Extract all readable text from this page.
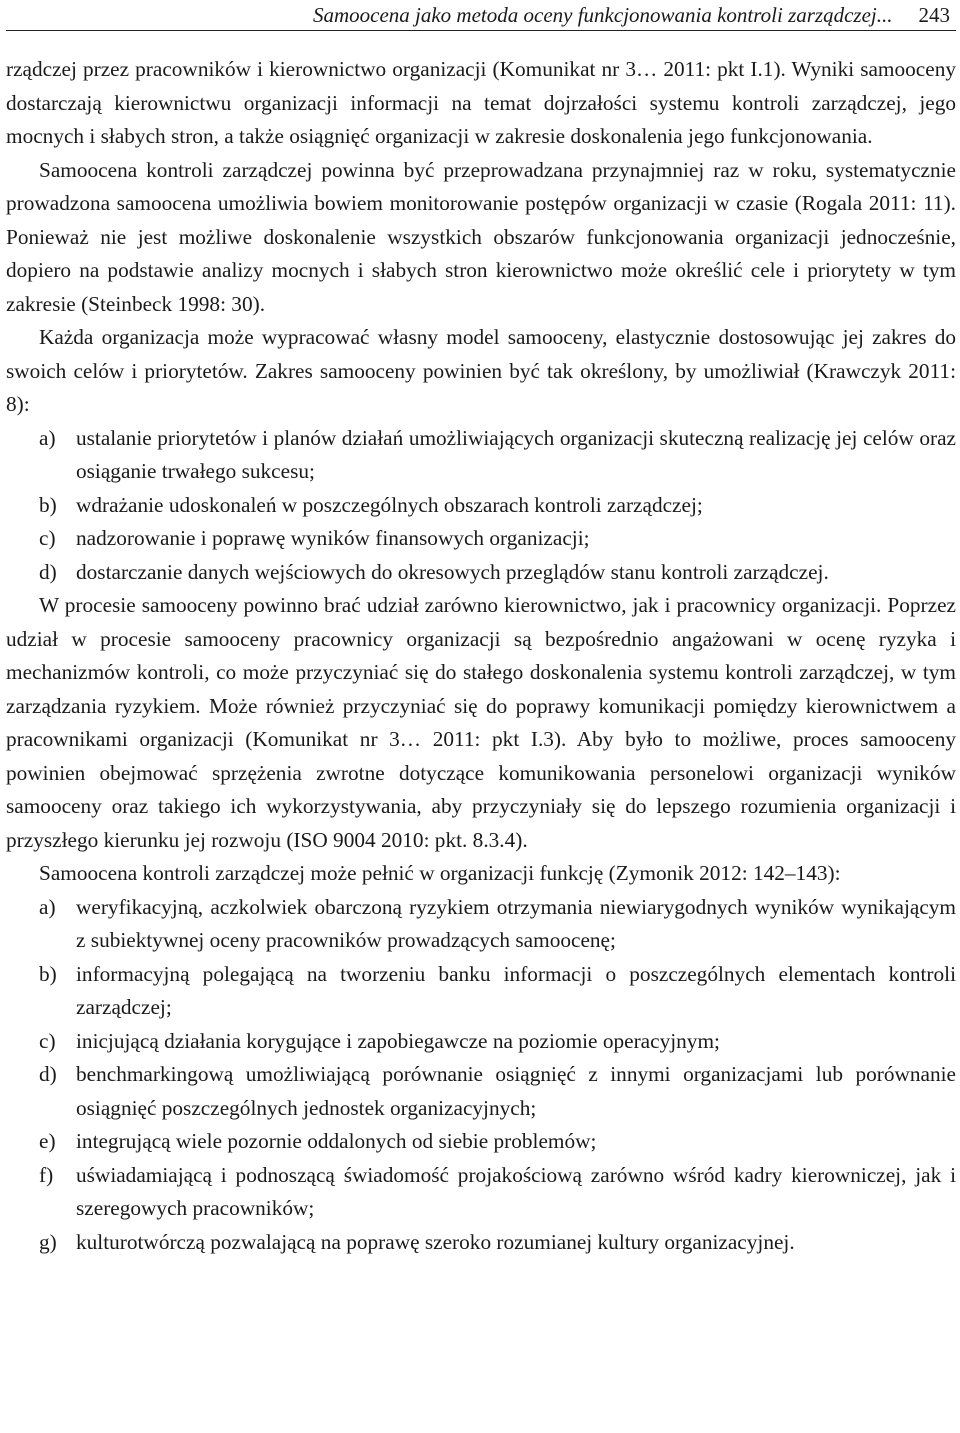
Samoocena jako metoda oceny funkcjonowania kontroli zarządczej... 243

rządczej przez pracowników i kierownictwo organizacji (Komunikat nr 3… 2011: pkt I.1). Wyniki samooceny dostarczają kierownictwu organizacji informacji na temat dojrzałości systemu kontroli zarządczej, jego mocnych i słabych stron, a także osiągnięć organizacji w zakresie doskonalenia jego funkcjonowania.

Samoocena kontroli zarządczej powinna być przeprowadzana przynajmniej raz w roku, systematycznie prowadzona samoocena umożliwia bowiem monitorowanie postępów organizacji w czasie (Rogala 2011: 11). Ponieważ nie jest możliwe doskonalenie wszystkich obszarów funkcjonowania organizacji jednocześnie, dopiero na podstawie analizy mocnych i słabych stron kierownictwo może określić cele i priorytety w tym zakresie (Steinbeck 1998: 30).

Każda organizacja może wypracować własny model samooceny, elastycznie dostosowując jej zakres do swoich celów i priorytetów. Zakres samooceny powinien być tak określony, by umożliwiał (Krawczyk 2011: 8):

a) ustalanie priorytetów i planów działań umożliwiających organizacji skuteczną realizację jej celów oraz osiąganie trwałego sukcesu;
b) wdrażanie udoskonaleń w poszczególnych obszarach kontroli zarządczej;
c) nadzorowanie i poprawę wyników finansowych organizacji;
d) dostarczanie danych wejściowych do okresowych przeglądów stanu kontroli zarządczej.

W procesie samooceny powinno brać udział zarówno kierownictwo, jak i pracownicy organizacji. Poprzez udział w procesie samooceny pracownicy organizacji są bezpośrednio angażowani w ocenę ryzyka i mechanizmów kontroli, co może przyczyniać się do stałego doskonalenia systemu kontroli zarządczej, w tym zarządzania ryzykiem. Może również przyczyniać się do poprawy komunikacji pomiędzy kierownictwem a pracownikami organizacji (Komunikat nr 3… 2011: pkt I.3). Aby było to możliwe, proces samooceny powinien obejmować sprzężenia zwrotne dotyczące komunikowania personelowi organizacji wyników samooceny oraz takiego ich wykorzystywania, aby przyczyniały się do lepszego rozumienia organizacji i przyszłego kierunku jej rozwoju (ISO 9004 2010: pkt. 8.3.4).

Samoocena kontroli zarządczej może pełnić w organizacji funkcję (Zymonik 2012: 142–143):

a) weryfikacyjną, aczkolwiek obarczoną ryzykiem otrzymania niewiarygodnych wyników wynikającym z subiektywnej oceny pracowników prowadzących samoocenę;
b) informacyjną polegającą na tworzeniu banku informacji o poszczególnych elementach kontroli zarządczej;
c) inicjującą działania korygujące i zapobiegawcze na poziomie operacyjnym;
d) benchmarkingową umożliwiającą porównanie osiągnięć z innymi organizacjami lub porównanie osiągnięć poszczególnych jednostek organizacyjnych;
e) integrującą wiele pozornie oddalonych od siebie problemów;
f)	uświadamiającą i podnoszącą świadomość projakościową zarówno wśród kadry kierowniczej, jak i szeregowych pracowników;
g) kulturotwórczą pozwalającą na poprawę szeroko rozumianej kultury organizacyjnej.
